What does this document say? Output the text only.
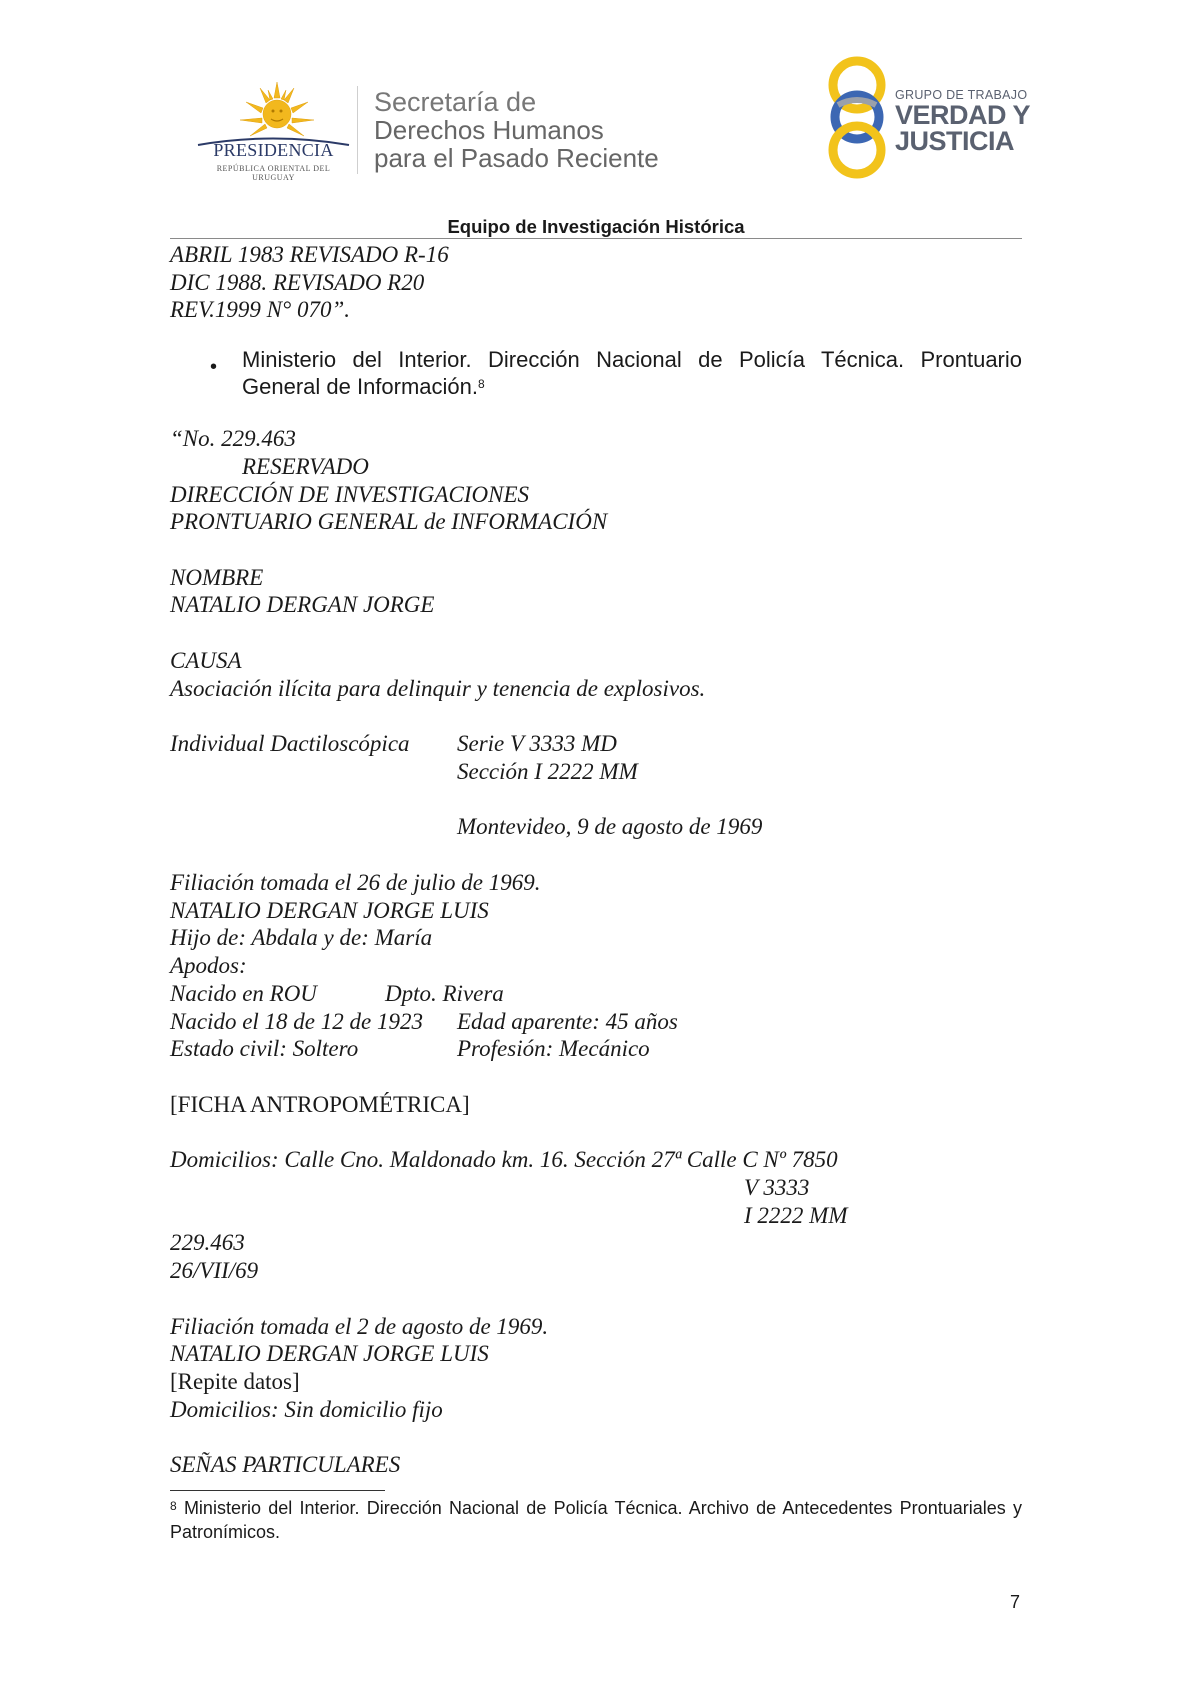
PRESIDENCIA
REPÚBLICA ORIENTAL DEL URUGUAY
Secretaría de
Derechos Humanos
para el Pasado Reciente
GRUPO DE TRABAJO
VERDAD Y
JUSTICIA
Equipo de Investigación Histórica
ABRIL 1983 REVISADO R-16
DIC 1988. REVISADO R20
REV.1999 N° 070”.
• Ministerio del Interior. Dirección Nacional de Policía Técnica. Prontuario General de Información.$^8$
“No. 229.463
RESERVADO
DIRECCIÓN DE INVESTIGACIONES
PRONTUARIO GENERAL de INFORMACIÓN
NOMBRE
NATALIO DERGAN JORGE
CAUSA
Asociación ilícita para delinquir y tenencia de explosivos.
Individual Dactiloscópica Serie V 3333 MD
Sección I 2222 MM
Montevideo, 9 de agosto de 1969
Filiación tomada el 26 de julio de 1969.
NATALIO DERGAN JORGE LUIS
Hijo de: Abdala y de: María
Apodos:
Nacido en ROU	Dpto. Rivera
Nacido el 18 de 12 de 1923 Edad aparente: 45 años
Estado civil: Soltero	Profesión: Mecánico
[FICHA ANTROPOMÉTRICA]
Domicilios: Calle Cno. Maldonado km. 16. Sección 27ª Calle C Nº 7850
V 3333
I 2222 MM
229.463
26/VII/69
Filiación tomada el 2 de agosto de 1969.
NATALIO DERGAN JORGE LUIS
[Repite datos]
Domicilios: Sin domicilio fijo
SEÑAS PARTICULARES
$^8$ Ministerio del Interior. Dirección Nacional de Policía Técnica. Archivo de Antecedentes Prontuariales y Patronímicos.
7
